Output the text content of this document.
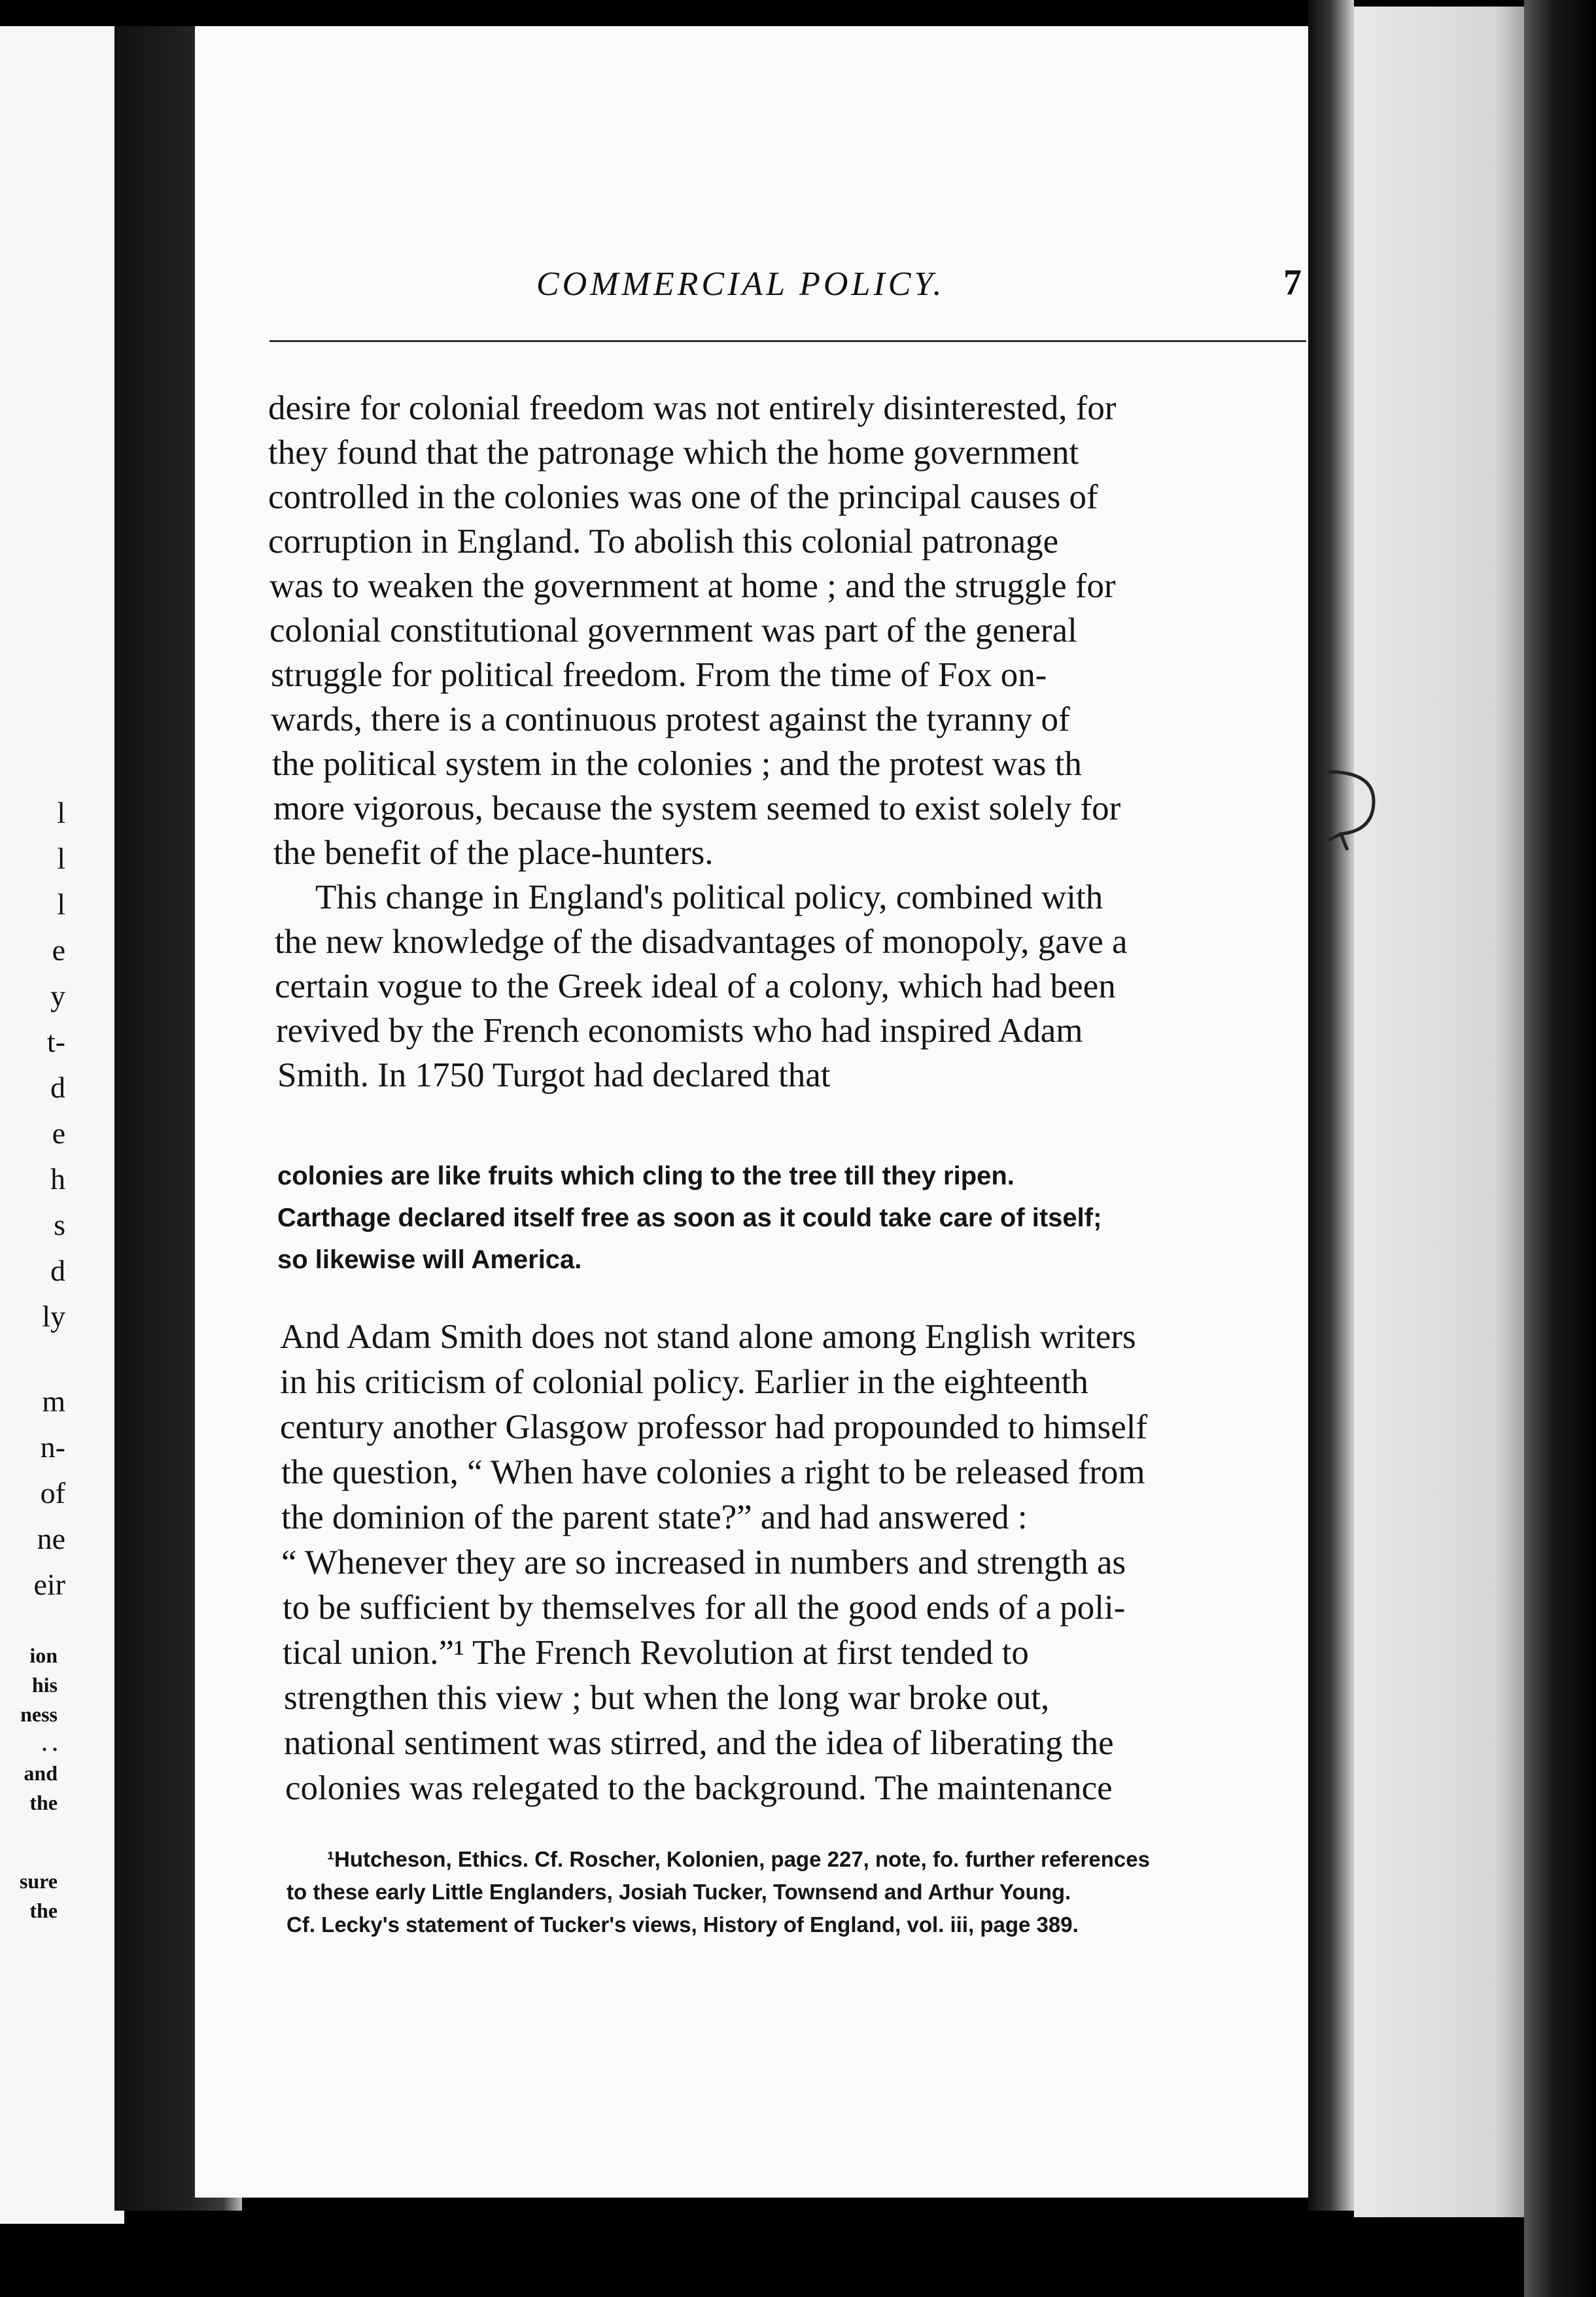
l
l
l
e
y
t-
d
e
h
s
d
ly
m
n-
of
ne
eir
ion
his
ness
. .
and
the
sure
the
COMMERCIAL POLICY.	7
desire for colonial freedom was not entirely disinterested, for
they found that the patronage which the home government
controlled in the colonies was one of the principal causes of
corruption in England. To abolish this colonial patronage
was to weaken the government at home ; and the struggle for
colonial constitutional government was part of the general
struggle for political freedom. From the time of Fox on-
wards, there is a continuous protest against the tyranny of
the political system in the colonies ; and the protest was th
more vigorous, because the system seemed to exist solely for
the benefit of the place-hunters.
This change in England's political policy, combined with
the new knowledge of the disadvantages of monopoly, gave a
certain vogue to the Greek ideal of a colony, which had been
revived by the French economists who had inspired Adam
Smith. In 1750 Turgot had declared that
colonies are like fruits which cling to the tree till they ripen.
Carthage declared itself free as soon as it could take care of itself;
so likewise will America.
And Adam Smith does not stand alone among English writers
in his criticism of colonial policy. Earlier in the eighteenth
century another Glasgow professor had propounded to himself
the question, “ When have colonies a right to be released from
the dominion of the parent state?” and had answered :
“ Whenever they are so increased in numbers and strength as
to be sufficient by themselves for all the good ends of a poli-
tical union.”¹ The French Revolution at first tended to
strengthen this view ; but when the long war broke out,
national sentiment was stirred, and the idea of liberating the
colonies was relegated to the background. The maintenance
¹Hutcheson, Ethics. Cf. Roscher, Kolonien, page 227, note, fo. further references
to these early Little Englanders, Josiah Tucker, Townsend and Arthur Young.
Cf. Lecky's statement of Tucker's views, History of England, vol. iii, page 389.
